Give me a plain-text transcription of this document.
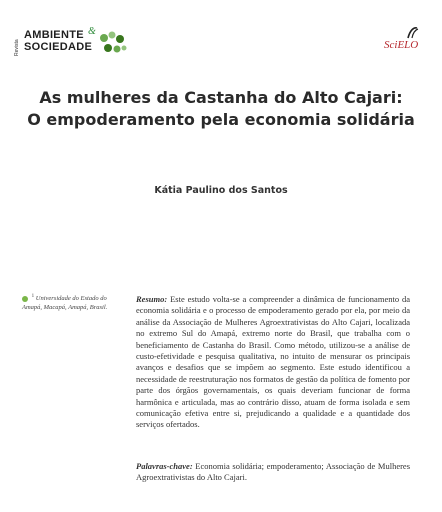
Revista
AMBIENTE &
SOCIEDADE	SciELO
As mulheres da Castanha do Alto Cajari:
O empoderamento pela economia solidária
Kátia Paulino dos Santos
$^1$ Universidade do Estado do Amapá, Macapá, Amapá, Brasil.

Resumo: Este estudo volta-se a compreender a dinâmica de funcionamento da economia solidária e o processo de empoderamento gerado por ela, por meio da análise da Associação de Mulheres Agroextrativistas do Alto Cajari, localizada no extremo Sul do Amapá, extremo norte do Brasil, que trabalha com o beneficiamento de Castanha do Brasil. Como método, utilizou-se a análise de custo-efetividade e pesquisa qualitativa, no intuito de mensurar os principais avanços e desafios que se impõem ao segmento. Este estudo identificou a necessidade de reestruturação nos formatos de gestão da política de fomento por parte dos órgãos governamentais, os quais deveriam funcionar de forma harmônica e articulada, mas ao contrário disso, atuam de forma isolada e sem comunicação efetiva entre si, prejudicando a qualidade e a quantidade dos serviços ofertados.

Palavras-chave: Economia solidária; empoderamento; Associação de Mulheres Agroextrativistas do Alto Cajari.
